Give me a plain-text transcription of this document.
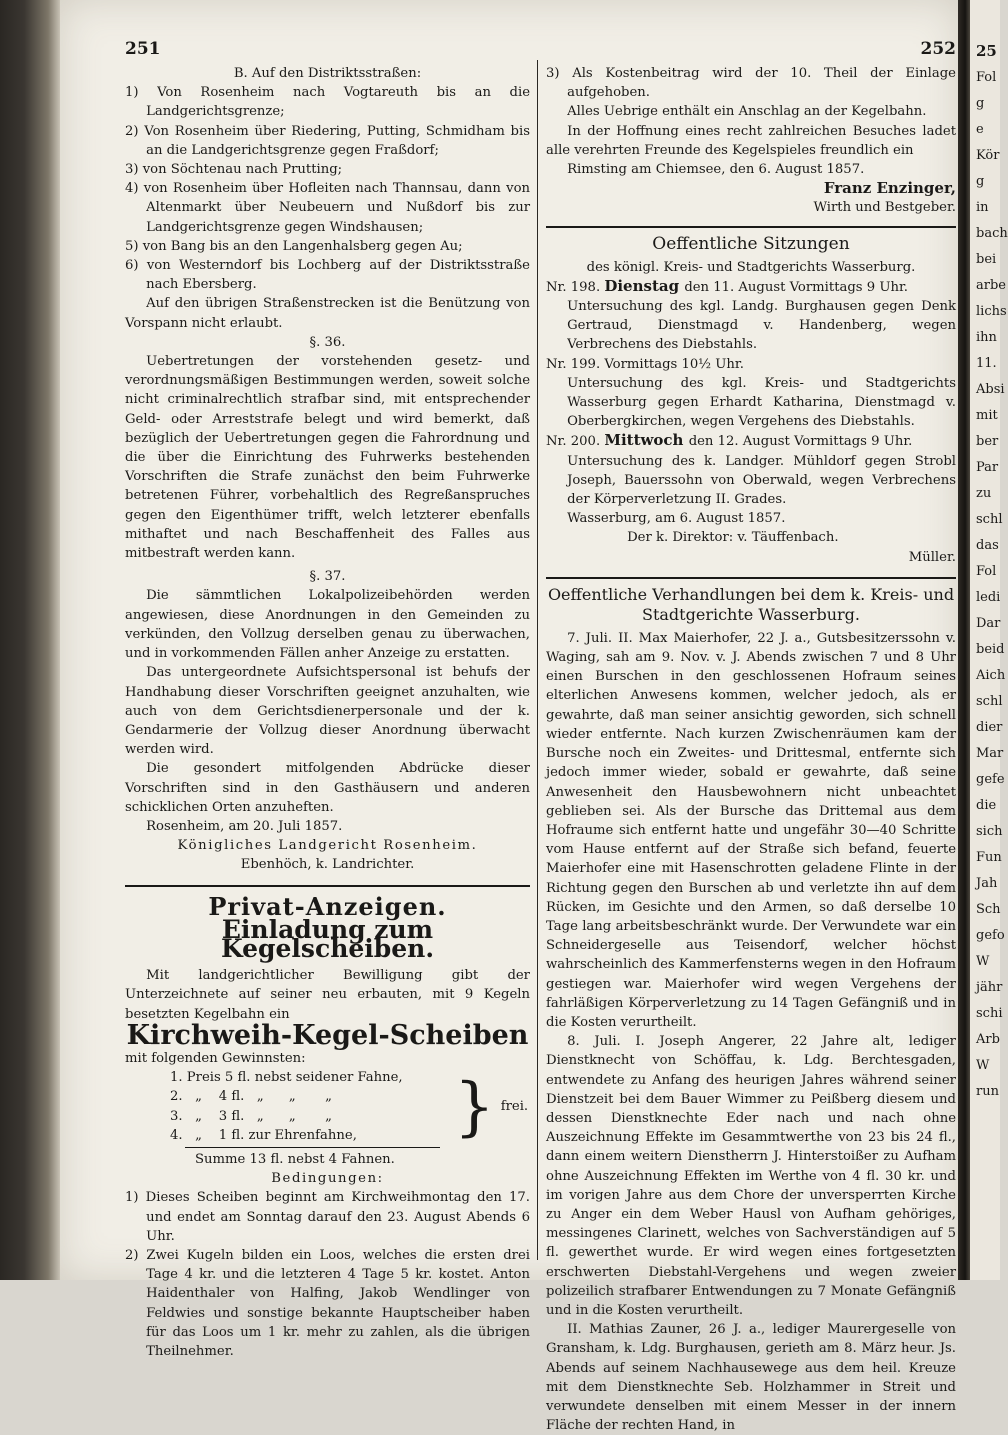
25
Fol
g
e
Kör
g
in
bach
bei
arbe
lichs
ihn
11.
Absi
mit
ber
Par
zu
schl
das
Fol
ledi
Dar
beid
Aich
schl
dier
Mar
gefe
die
sich
Fun
Jah
Sch
gefo
W
jähr
schi
Arb
W
run
251

B. Auf den Distriktsstraßen:

1) Von Rosenheim nach Vogtareuth bis an die Landgerichtsgrenze;

2) Von Rosenheim über Riedering, Putting, Schmidham bis an die Landgerichtsgrenze gegen Fraßdorf;

3) von Söchtenau nach Prutting;

4) von Rosenheim über Hofleiten nach Thannsau, dann von Altenmarkt über Neubeuern und Nußdorf bis zur Landgerichtsgrenze gegen Windshausen;

5) von Bang bis an den Langenhalsberg gegen Au;

6) von Westerndorf bis Lochberg auf der Distriktsstraße nach Ebersberg.

Auf den übrigen Straßenstrecken ist die Benützung von Vorspann nicht erlaubt.

§. 36.

Uebertretungen der vorstehenden gesetz- und verordnungsmäßigen Bestimmungen werden, soweit solche nicht criminalrechtlich strafbar sind, mit entsprechender Geld- oder Arreststrafe belegt und wird bemerkt, daß bezüglich der Uebertretungen gegen die Fahrordnung und die über die Einrichtung des Fuhrwerks bestehenden Vorschriften die Strafe zunächst den beim Fuhrwerke betretenen Führer, vorbehaltlich des Regreßanspruches gegen den Eigenthümer trifft, welch letzterer ebenfalls mithaftet und nach Beschaffenheit des Falles aus mitbestraft werden kann.

§. 37.

Die sämmtlichen Lokalpolizeibehörden werden angewiesen, diese Anordnungen in den Gemeinden zu verkünden, den Vollzug derselben genau zu überwachen, und in vorkommenden Fällen anher Anzeige zu erstatten.

Das untergeordnete Aufsichtspersonal ist behufs der Handhabung dieser Vorschriften geeignet anzuhalten, wie auch von dem Gerichtsdienerpersonale und der k. Gendarmerie der Vollzug dieser Anordnung überwacht werden wird.

Die gesondert mitfolgenden Abdrücke dieser Vorschriften sind in den Gasthäusern und anderen schicklichen Orten anzuheften.

Rosenheim, am 20. Juli 1857.

Königliches Landgericht Rosenheim.

Ebenhöch, k. Landrichter.

Privat-Anzeigen.
Einladung zum Kegelscheiben.

Mit landgerichtlicher Bewilligung gibt der Unterzeichnete auf seiner neu erbauten, mit 9 Kegeln besetzten Kegelbahn ein

Kirchweih-Kegel-Scheiben

mit folgenden Gewinnsten:

1. Preis 5 fl. nebst seidener Fahne,

2.   „    4 fl.   „      „       „

3.   „    3 fl.   „      „       „

4.   „    1 fl. zur Ehrenfahne,	} frei.

Summe 13 fl. nebst 4 Fahnen.

Bedingungen:

1) Dieses Scheiben beginnt am Kirchweihmontag den 17. und endet am Sonntag darauf den 23. August Abends 6 Uhr.

2) Zwei Kugeln bilden ein Loos, welches die ersten drei Tage 4 kr. und die letzteren 4 Tage 5 kr. kostet. Anton Haidenthaler von Halfing, Jakob Wendlinger von Feldwies und sonstige bekannte Hauptscheiber haben für das Loos um 1 kr. mehr zu zahlen, als die übrigen Theilnehmer.

252

3) Als Kostenbeitrag wird der 10. Theil der Einlage aufgehoben.

Alles Uebrige enthält ein Anschlag an der Kegelbahn.

In der Hoffnung eines recht zahlreichen Besuches ladet alle verehrten Freunde des Kegelspieles freundlich ein

Rimsting am Chiemsee, den 6. August 1857.

Franz Enzinger,

Wirth und Bestgeber.

Oeffentliche Sitzungen

des königl. Kreis- und Stadtgerichts Wasserburg.

Nr. 198. Dienstag den 11. August Vormittags 9 Uhr.

Untersuchung des kgl. Landg. Burghausen gegen Denk Gertraud, Dienstmagd v. Handenberg, wegen Verbrechens des Diebstahls.

Nr. 199. Vormittags 10½ Uhr.

Untersuchung des kgl. Kreis- und Stadtgerichts Wasserburg gegen Erhardt Katharina, Dienstmagd v. Oberbergkirchen, wegen Vergehens des Diebstahls.

Nr. 200. Mittwoch den 12. August Vormittags 9 Uhr.

Untersuchung des k. Landger. Mühldorf gegen Strobl Joseph, Bauerssohn von Oberwald, wegen Verbrechens der Körperverletzung II. Grades.

Wasserburg, am 6. August 1857.

Der k. Direktor: v. Täuffenbach.

Müller.

Oeffentliche Verhandlungen bei dem k. Kreis- und Stadtgerichte Wasserburg.

7. Juli. II. Max Maierhofer, 22 J. a., Gutsbesitzerssohn v. Waging, sah am 9. Nov. v. J. Abends zwischen 7 und 8 Uhr einen Burschen in den geschlossenen Hofraum seines elterlichen Anwesens kommen, welcher jedoch, als er gewahrte, daß man seiner ansichtig geworden, sich schnell wieder entfernte. Nach kurzen Zwischenräumen kam der Bursche noch ein Zweites- und Drittesmal, entfernte sich jedoch immer wieder, sobald er gewahrte, daß seine Anwesenheit den Hausbewohnern nicht unbeachtet geblieben sei. Als der Bursche das Drittemal aus dem Hofraume sich entfernt hatte und ungefähr 30—40 Schritte vom Hause entfernt auf der Straße sich befand, feuerte Maierhofer eine mit Hasenschrotten geladene Flinte in der Richtung gegen den Burschen ab und verletzte ihn auf dem Rücken, im Gesichte und den Armen, so daß derselbe 10 Tage lang arbeitsbeschränkt wurde. Der Verwundete war ein Schneidergeselle aus Teisendorf, welcher höchst wahrscheinlich des Kammerfensterns wegen in den Hofraum gestiegen war. Maierhofer wird wegen Vergehens der fahrläßigen Körperverletzung zu 14 Tagen Gefängniß und in die Kosten verurtheilt.

8. Juli. I. Joseph Angerer, 22 Jahre alt, lediger Dienstknecht von Schöffau, k. Ldg. Berchtesgaden, entwendete zu Anfang des heurigen Jahres während seiner Dienstzeit bei dem Bauer Wimmer zu Peißberg diesem und dessen Dienstknechte Eder nach und nach ohne Auszeichnung Effekte im Gesammtwerthe von 23 bis 24 fl., dann einem weitern Dienstherrn J. Hinterstoißer zu Aufham ohne Auszeichnung Effekten im Werthe von 4 fl. 30 kr. und im vorigen Jahre aus dem Chore der unversperrten Kirche zu Anger ein dem Weber Hausl von Aufham gehöriges, messingenes Clarinett, welches von Sachverständigen auf 5 fl. gewerthet wurde. Er wird wegen eines fortgesetzten erschwerten Diebstahl-Vergehens und wegen zweier polizeilich strafbarer Entwendungen zu 7 Monate Gefängniß und in die Kosten verurtheilt.

II. Mathias Zauner, 26 J. a., lediger Maurergeselle von Gransham, k. Ldg. Burghausen, gerieth am 8. März heur. Js. Abends auf seinem Nachhausewege aus dem heil. Kreuze mit dem Dienstknechte Seb. Holzhammer in Streit und verwundete denselben mit einem Messer in der innern Fläche der rechten Hand, in
